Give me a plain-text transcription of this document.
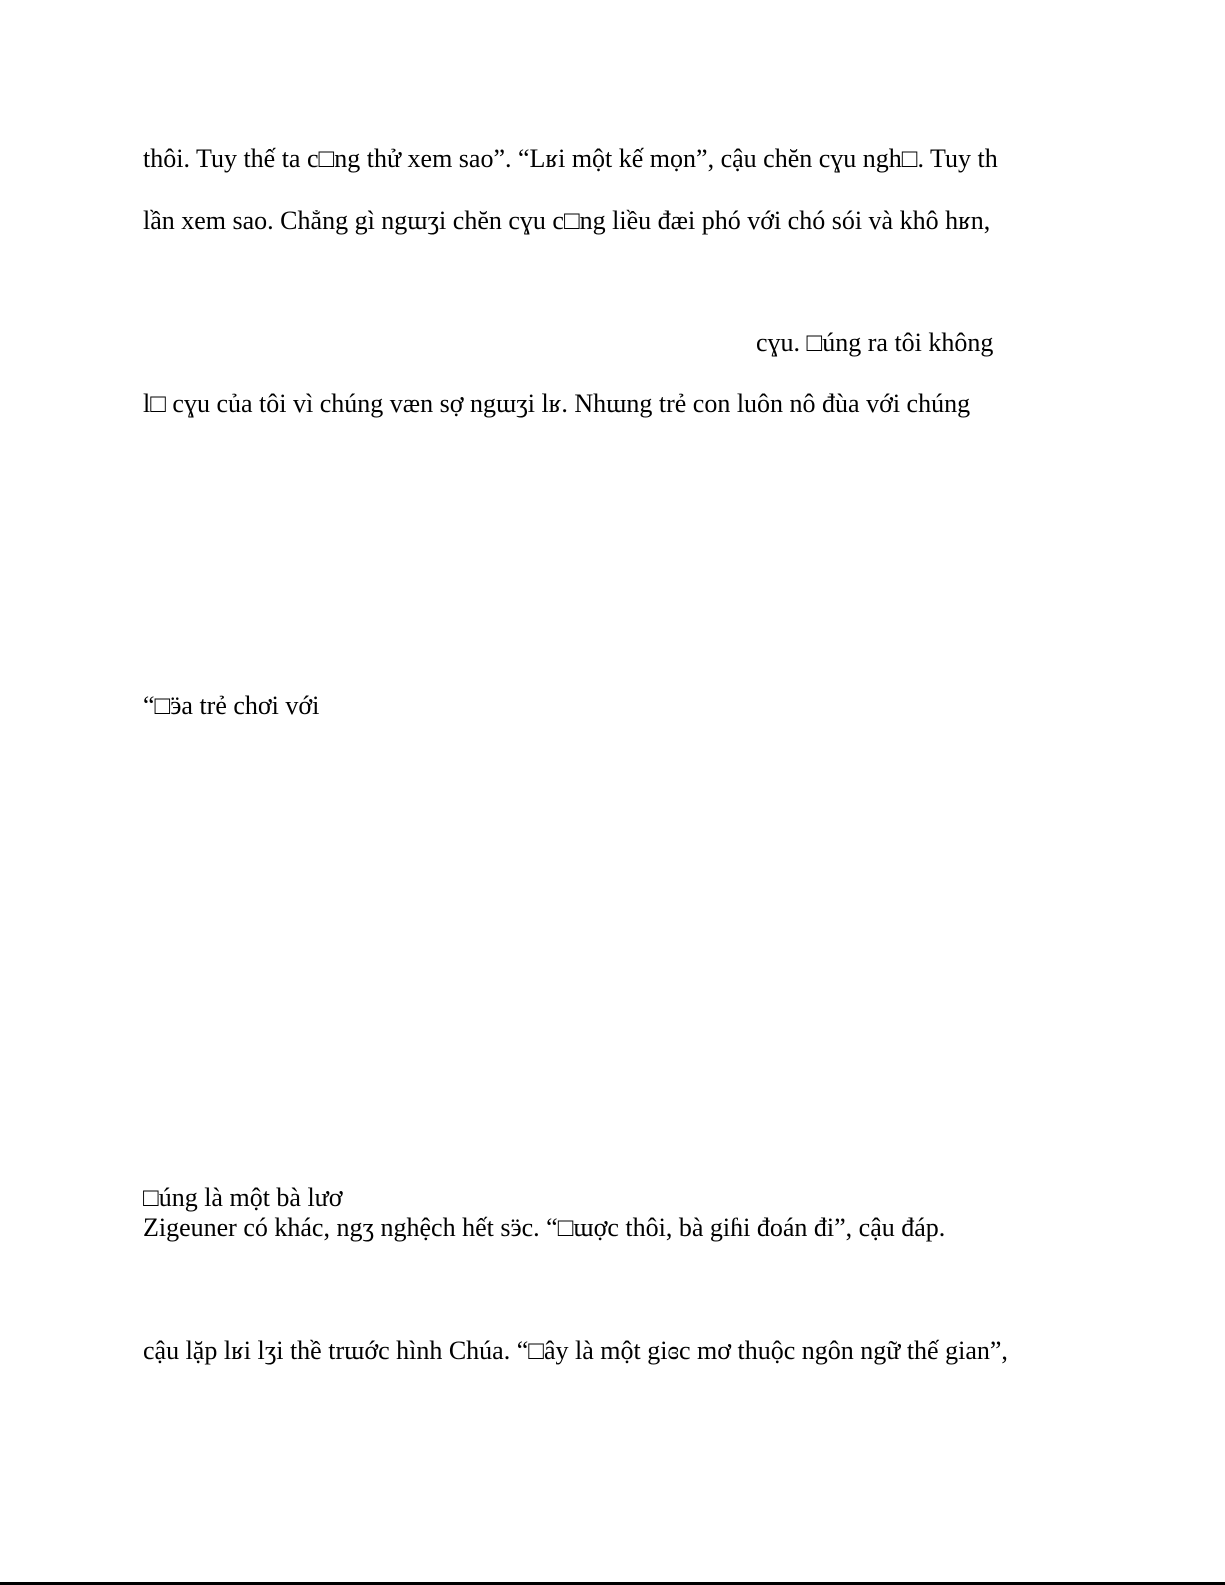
thôi. Tuy thế ta c□ng thử xem sao”. “Lʁi một kế mọn”, cậu chĕn cɣu ngh□. Tuy th
lần xem sao. Chẳng gì ngɯʒi chĕn cɣu c□ng liều đæi phó với chó sói và khô hʁn,
cɣu. □úng ra tôi không
l□ cɣu của tôi vì chúng vӕn sợ ngɯʒi lʁ. Nhɯng trẻ con luôn nô đùa với chúng
“□ӭa trẻ chơi với
□úng là một bà lươ
Zigeuner có khác, ngʒ nghệch hết sӭc. “□ɯợc thôi, bà giɦi đoán đi”, cậu đáp.
cậu lặp lʁi lʒi thề trɯớc hình Chúa. “□ây là một giɞc mơ thuộc ngôn ngữ thế gian”,
